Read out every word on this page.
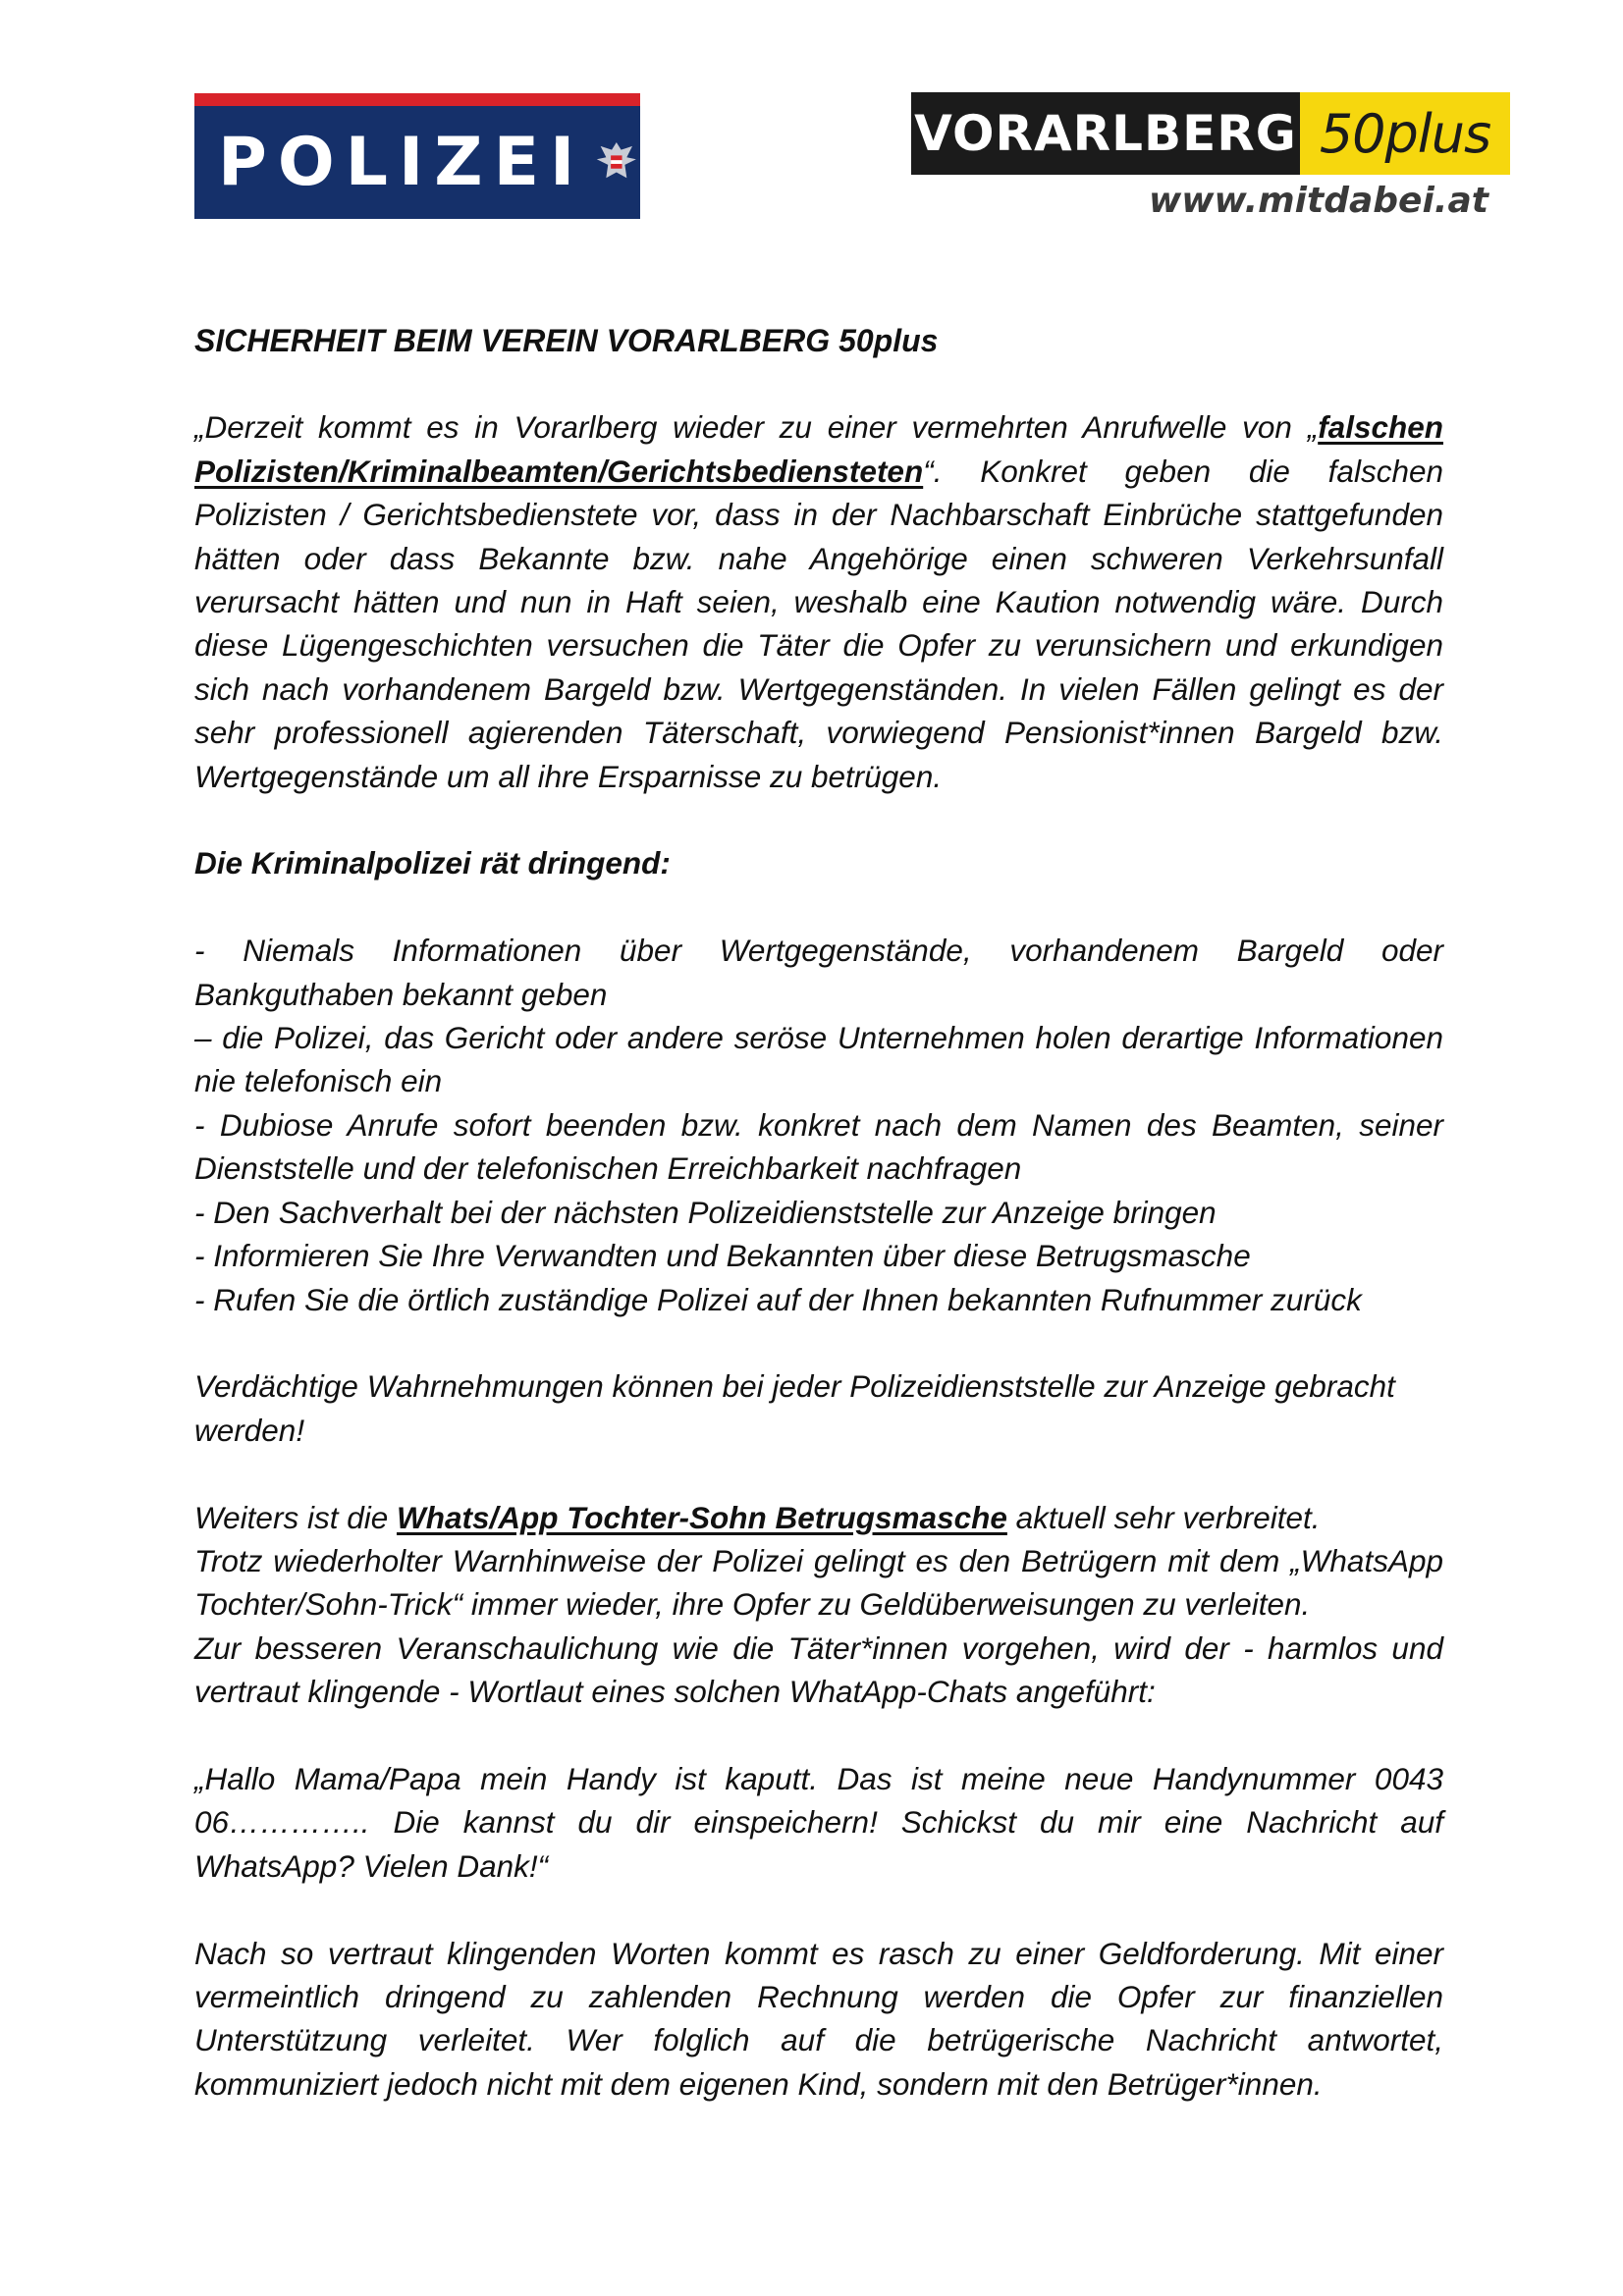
POLIZEI	VORARLBERG 50plus
www.mitdabei.at

SICHERHEIT BEIM VEREIN VORARLBERG 50plus

„Derzeit kommt es in Vorarlberg wieder zu einer vermehrten Anrufwelle von „falschen Polizisten/Kriminalbeamten/Gerichtsbediensteten“. Konkret geben die falschen Polizisten / Gerichtsbedienstete vor, dass in der Nachbarschaft Einbrüche stattgefunden hätten oder dass Bekannte bzw. nahe Angehörige einen schweren Verkehrsunfall verursacht hätten und nun in Haft seien, weshalb eine Kaution notwendig wäre. Durch diese Lügengeschichten versuchen die Täter die Opfer zu verunsichern und erkundigen sich nach vorhandenem Bargeld bzw. Wertgegenständen. In vielen Fällen gelingt es der sehr professionell agierenden Täterschaft, vorwiegend Pensionist*innen Bargeld bzw. Wertgegenstände um all ihre Ersparnisse zu betrügen.

Die Kriminalpolizei rät dringend:

- Niemals Informationen über Wertgegenstände, vorhandenem Bargeld oder Bankguthaben bekannt geben

– die Polizei, das Gericht oder andere seröse Unternehmen holen derartige Informationen nie telefonisch ein

- Dubiose Anrufe sofort beenden bzw. konkret nach dem Namen des Beamten, seiner Dienststelle und der telefonischen Erreichbarkeit nachfragen

- Den Sachverhalt bei der nächsten Polizeidienststelle zur Anzeige bringen

- Informieren Sie Ihre Verwandten und Bekannten über diese Betrugsmasche

- Rufen Sie die örtlich zuständige Polizei auf der Ihnen bekannten Rufnummer zurück

Verdächtige Wahrnehmungen können bei jeder Polizeidienststelle zur Anzeige gebracht werden!

Weiters ist die Whats/App Tochter-Sohn Betrugsmasche aktuell sehr verbreitet.

Trotz wiederholter Warnhinweise der Polizei gelingt es den Betrügern mit dem „WhatsApp Tochter/Sohn-Trick“ immer wieder, ihre Opfer zu Geldüberweisungen zu verleiten.

Zur besseren Veranschaulichung wie die Täter*innen vorgehen, wird der - harmlos und vertraut klingende - Wortlaut eines solchen WhatApp-Chats angeführt:

„Hallo Mama/Papa mein Handy ist kaputt. Das ist meine neue Handynummer 0043 06………….. Die kannst du dir einspeichern! Schickst du mir eine Nachricht auf WhatsApp? Vielen Dank!“

Nach so vertraut klingenden Worten kommt es rasch zu einer Geldforderung. Mit einer vermeintlich dringend zu zahlenden Rechnung werden die Opfer zur finanziellen Unterstützung verleitet. Wer folglich auf die betrügerische Nachricht antwortet, kommuniziert jedoch nicht mit dem eigenen Kind, sondern mit den Betrüger*innen.
